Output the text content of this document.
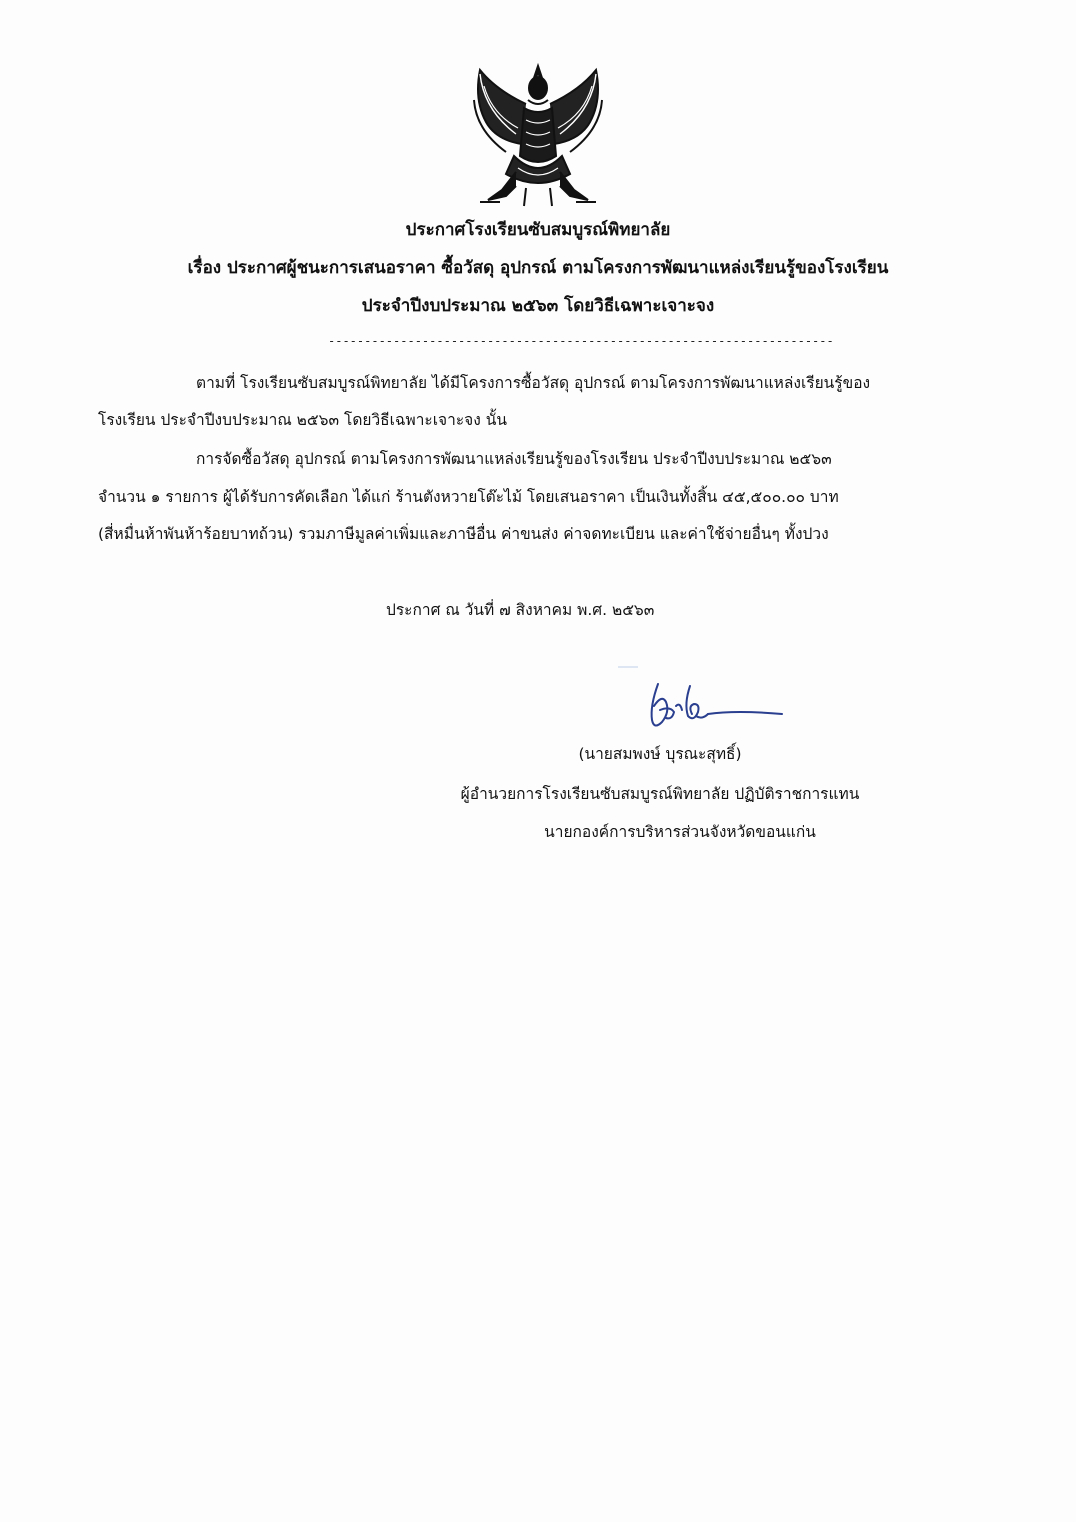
ประกาศโรงเรียนซับสมบูรณ์พิทยาลัย
เรื่อง ประกาศผู้ชนะการเสนอราคา ซื้อวัสดุ อุปกรณ์ ตามโครงการพัฒนาแหล่งเรียนรู้ของโรงเรียน
ประจำปีงบประมาณ ๒๕๖๓ โดยวิธีเฉพาะเจาะจง
----------------------------------------------------------------------
ตามที่ โรงเรียนซับสมบูรณ์พิทยาลัย ได้มีโครงการซื้อวัสดุ อุปกรณ์ ตามโครงการพัฒนาแหล่งเรียนรู้ของ
โรงเรียน ประจำปีงบประมาณ ๒๕๖๓ โดยวิธีเฉพาะเจาะจง นั้น
การจัดซื้อวัสดุ อุปกรณ์ ตามโครงการพัฒนาแหล่งเรียนรู้ของโรงเรียน ประจำปีงบประมาณ ๒๕๖๓
จำนวน ๑ รายการ ผู้ได้รับการคัดเลือก ได้แก่ ร้านตังหวายโต๊ะไม้ โดยเสนอราคา เป็นเงินทั้งสิ้น ๔๕,๕๐๐.๐๐ บาท
(สี่หมื่นห้าพันห้าร้อยบาทถ้วน) รวมภาษีมูลค่าเพิ่มและภาษีอื่น ค่าขนส่ง ค่าจดทะเบียน และค่าใช้จ่ายอื่นๆ ทั้งปวง
ประกาศ ณ วันที่ ๗ สิงหาคม พ.ศ. ๒๕๖๓
(นายสมพงษ์ บุรณะสุทธิ์)
ผู้อำนวยการโรงเรียนซับสมบูรณ์พิทยาลัย ปฏิบัติราชการแทน
นายกองค์การบริหารส่วนจังหวัดขอนแก่น
